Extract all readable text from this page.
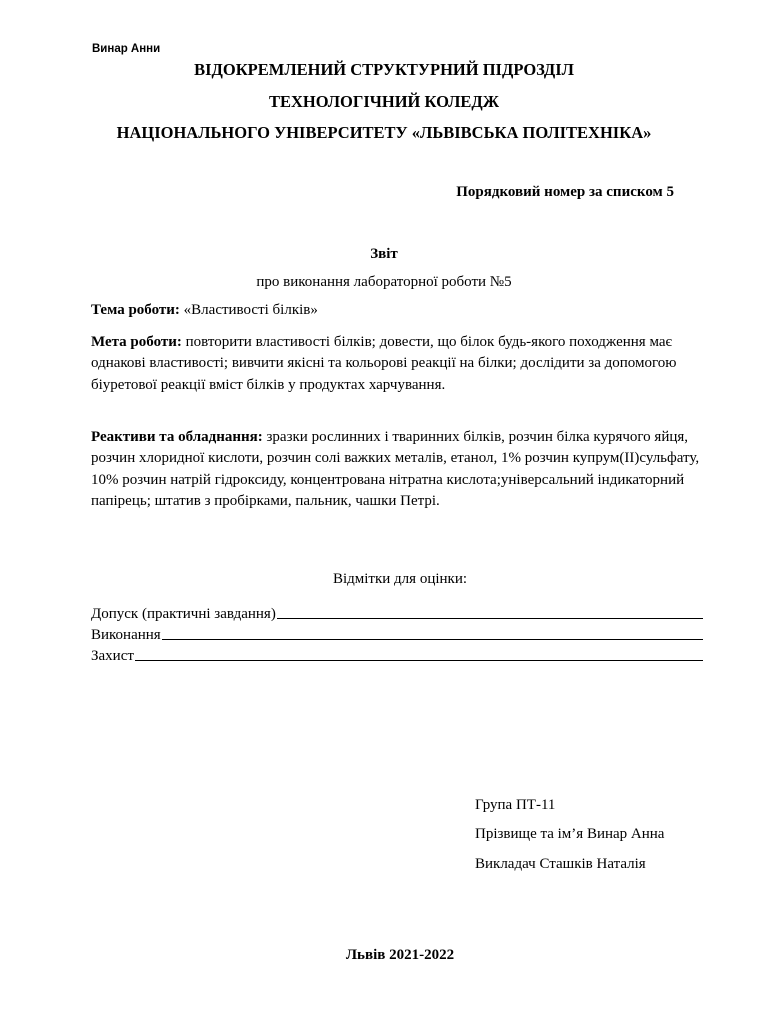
Винар Анни
ВІДОКРЕМЛЕНИЙ СТРУКТУРНИЙ ПІДРОЗДІЛ
ТЕХНОЛОГІЧНИЙ КОЛЕДЖ
НАЦІОНАЛЬНОГО УНІВЕРСИТЕТУ «ЛЬВІВСЬКА ПОЛІТЕХНІКА»
Порядковий номер за списком 5
Звіт
про виконання лабораторної роботи №5
Тема роботи: «Властивості білків»
Мета роботи: повторити властивості білків; довести, що білок будь-якого походження має однакові властивості; вивчити якісні та кольорові реакції на білки; дослідити за допомогою біуретової реакції вміст білків у продуктах харчування.
Реактиви та обладнання: зразки рослинних і тваринних білків, розчин білка курячого яйця, розчин хлоридної кислоти, розчин солі важких металів, етанол, 1% розчин купрум(ІІ)сульфату, 10% розчин натрій гідроксиду, концентрована нітратна кислота;універсальний індикаторний папірець; штатив з пробірками, пальник, чашки Петрі.
Відмітки для оцінки:
Допуск (практичні завдання)
Виконання
Захист
Група ПТ-11
Прізвище та ім’я Винар Анна
Викладач Сташків Наталія
Львів 2021-2022
